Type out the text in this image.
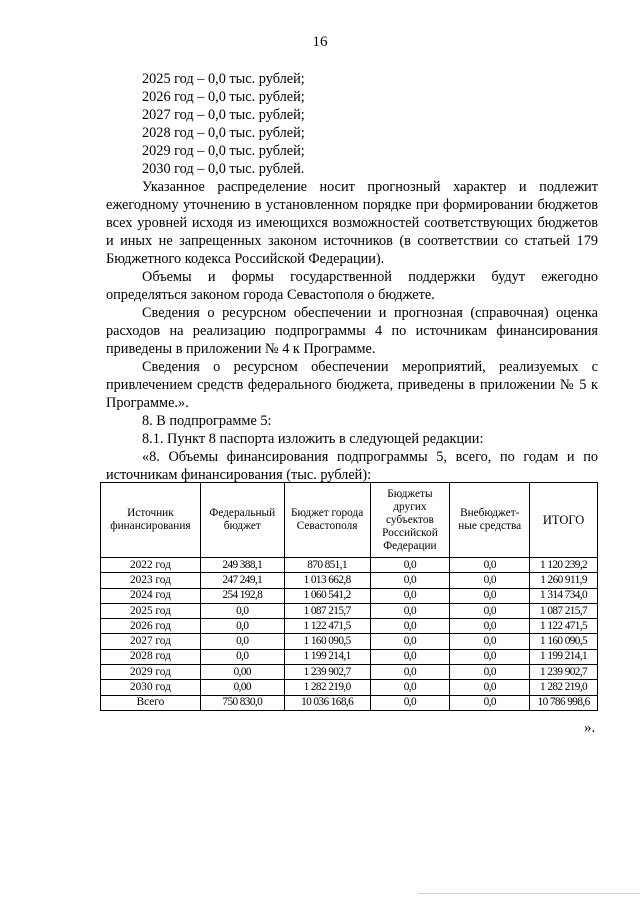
16
2025 год – 0,0 тыс. рублей;
2026 год – 0,0 тыс. рублей;
2027 год – 0,0 тыс. рублей;
2028 год – 0,0 тыс. рублей;
2029 год – 0,0 тыс. рублей;
2030 год – 0,0 тыс. рублей.

Указанное распределение носит прогнозный характер и подлежит ежегодному уточнению в установленном порядке при формировании бюджетов всех уровней исходя из имеющихся возможностей соответствующих бюджетов и иных не запрещенных законом источников (в соответствии со статьей 179 Бюджетного кодекса Российской Федерации).

Объемы и формы государственной поддержки будут ежегодно определяться законом города Севастополя о бюджете.

Сведения о ресурсном обеспечении и прогнозная (справочная) оценка расходов на реализацию подпрограммы 4 по источникам финансирования приведены в приложении № 4 к Программе.

Сведения о ресурсном обеспечении мероприятий, реализуемых с привлечением средств федерального бюджета, приведены в приложении № 5 к Программе.».

8. В подпрограмме 5:

8.1. Пункт 8 паспорта изложить в следующей редакции:

«8. Объемы финансирования подпрограммы 5, всего, по годам и по источникам финансирования (тыс. рублей):

Источник финансирования	Федеральный бюджет	Бюджет города Севастополя	Бюджеты других субъектов Российской Федерации	Внебюджет-ные средства	ИТОГО
2022 год	249 388,1	870 851,1	0,0	0,0	1 120 239,2
2023 год	247 249,1	1 013 662,8	0,0	0,0	1 260 911,9
2024 год	254 192,8	1 060 541,2	0,0	0,0	1 314 734,0
2025 год	0,0	1 087 215,7	0,0	0,0	1 087 215,7
2026 год	0,0	1 122 471,5	0,0	0,0	1 122 471,5
2027 год	0,0	1 160 090,5	0,0	0,0	1 160 090,5
2028 год	0,0	1 199 214,1	0,0	0,0	1 199 214,1
2029 год	0,00	1 239 902,7	0,0	0,0	1 239 902,7
2030 год	0,00	1 282 219,0	0,0	0,0	1 282 219,0
Всего	750 830,0	10 036 168,6	0,0	0,0	10 786 998,6
».
